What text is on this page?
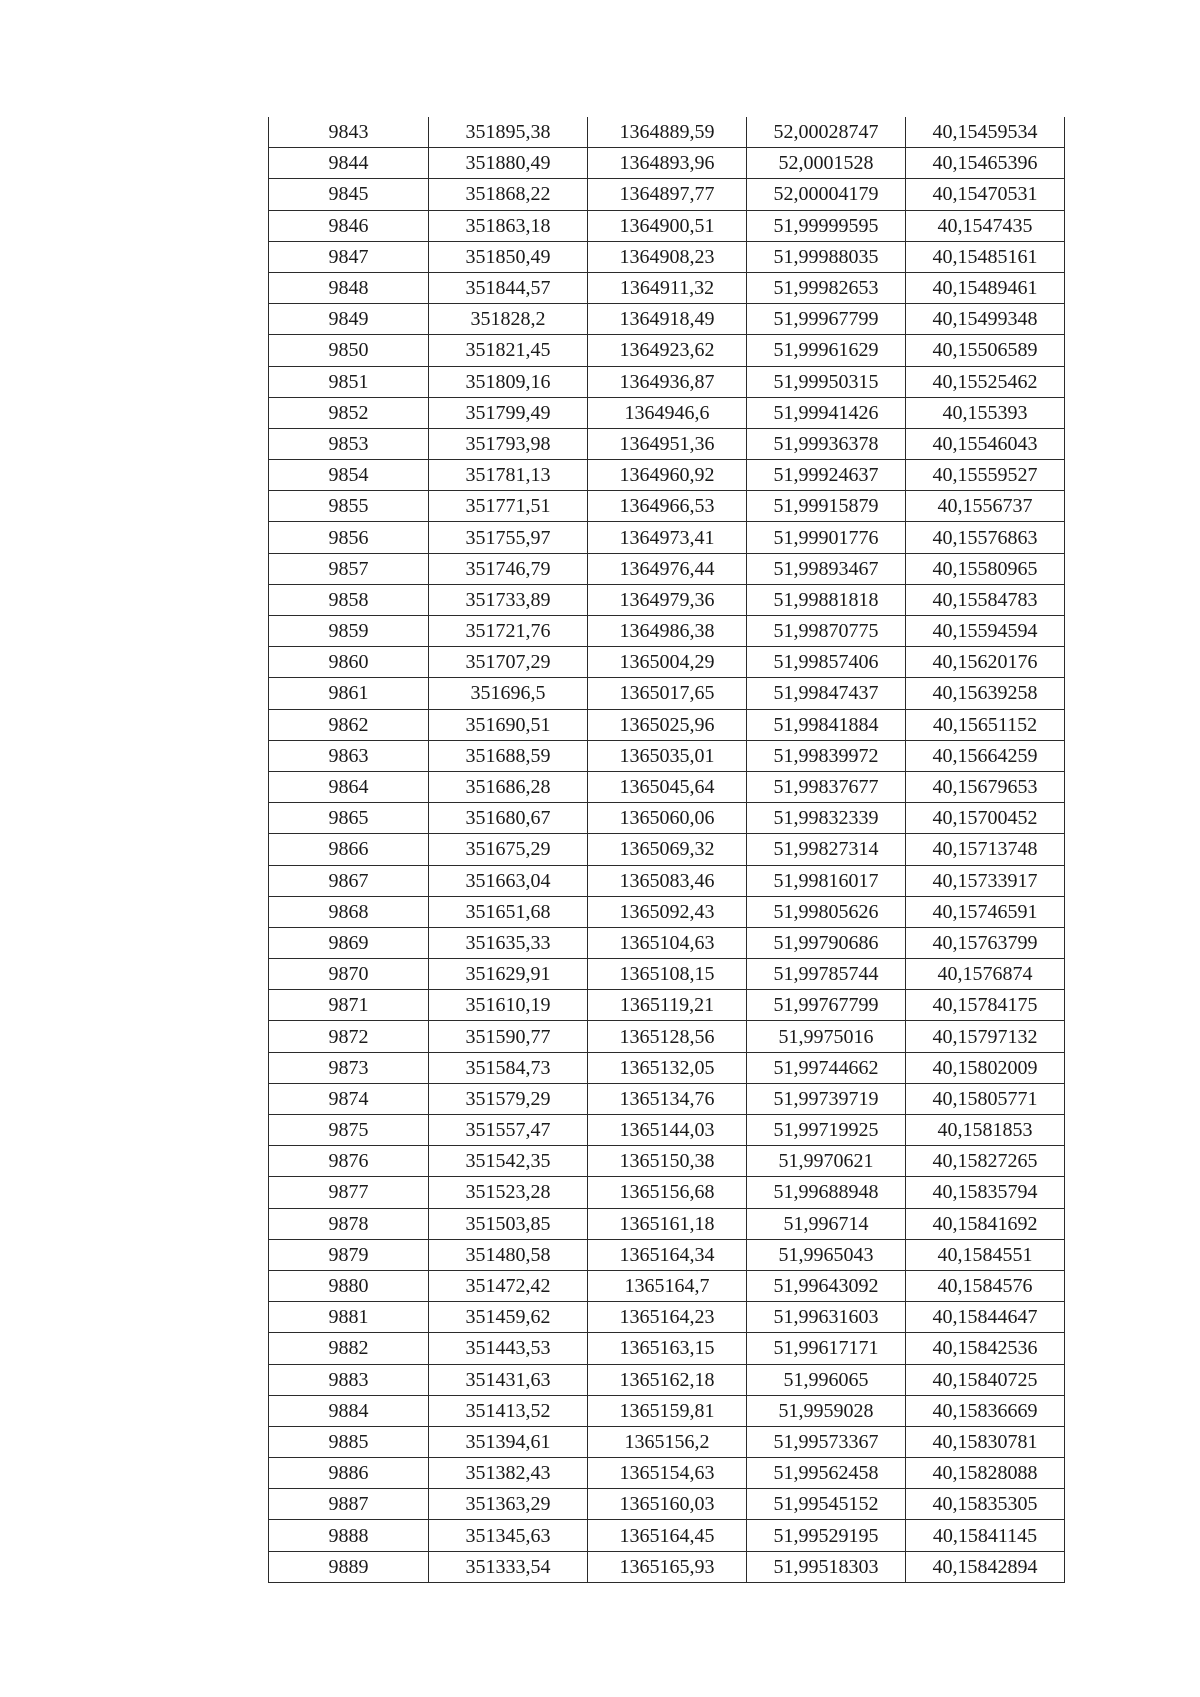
9843	351895,38	1364889,59	52,00028747	40,15459534
9844	351880,49	1364893,96	52,0001528	40,15465396
9845	351868,22	1364897,77	52,00004179	40,15470531
9846	351863,18	1364900,51	51,99999595	40,1547435
9847	351850,49	1364908,23	51,99988035	40,15485161
9848	351844,57	1364911,32	51,99982653	40,15489461
9849	351828,2	1364918,49	51,99967799	40,15499348
9850	351821,45	1364923,62	51,99961629	40,15506589
9851	351809,16	1364936,87	51,99950315	40,15525462
9852	351799,49	1364946,6	51,99941426	40,155393
9853	351793,98	1364951,36	51,99936378	40,15546043
9854	351781,13	1364960,92	51,99924637	40,15559527
9855	351771,51	1364966,53	51,99915879	40,1556737
9856	351755,97	1364973,41	51,99901776	40,15576863
9857	351746,79	1364976,44	51,99893467	40,15580965
9858	351733,89	1364979,36	51,99881818	40,15584783
9859	351721,76	1364986,38	51,99870775	40,15594594
9860	351707,29	1365004,29	51,99857406	40,15620176
9861	351696,5	1365017,65	51,99847437	40,15639258
9862	351690,51	1365025,96	51,99841884	40,15651152
9863	351688,59	1365035,01	51,99839972	40,15664259
9864	351686,28	1365045,64	51,99837677	40,15679653
9865	351680,67	1365060,06	51,99832339	40,15700452
9866	351675,29	1365069,32	51,99827314	40,15713748
9867	351663,04	1365083,46	51,99816017	40,15733917
9868	351651,68	1365092,43	51,99805626	40,15746591
9869	351635,33	1365104,63	51,99790686	40,15763799
9870	351629,91	1365108,15	51,99785744	40,1576874
9871	351610,19	1365119,21	51,99767799	40,15784175
9872	351590,77	1365128,56	51,9975016	40,15797132
9873	351584,73	1365132,05	51,99744662	40,15802009
9874	351579,29	1365134,76	51,99739719	40,15805771
9875	351557,47	1365144,03	51,99719925	40,1581853
9876	351542,35	1365150,38	51,9970621	40,15827265
9877	351523,28	1365156,68	51,99688948	40,15835794
9878	351503,85	1365161,18	51,996714	40,15841692
9879	351480,58	1365164,34	51,9965043	40,1584551
9880	351472,42	1365164,7	51,99643092	40,1584576
9881	351459,62	1365164,23	51,99631603	40,15844647
9882	351443,53	1365163,15	51,99617171	40,15842536
9883	351431,63	1365162,18	51,996065	40,15840725
9884	351413,52	1365159,81	51,9959028	40,15836669
9885	351394,61	1365156,2	51,99573367	40,15830781
9886	351382,43	1365154,63	51,99562458	40,15828088
9887	351363,29	1365160,03	51,99545152	40,15835305
9888	351345,63	1365164,45	51,99529195	40,15841145
9889	351333,54	1365165,93	51,99518303	40,15842894
